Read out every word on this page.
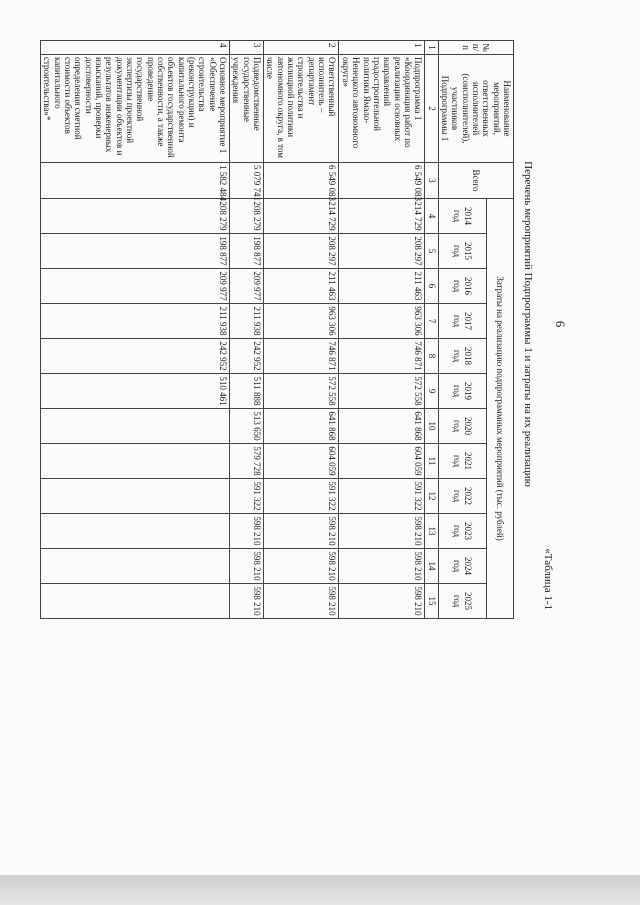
6
«Таблица 1-1
Перечень мероприятий Подпрограммы 1 и затраты на их реализацию
№ п/п	Наименование мероприятий, ответственных исполнителей (соисполнителей), участников Подпрограммы 1	Всего	Затраты на реализацию подпрограммных мероприятий (тыс. рублей)											
			2014 год	2015 год	2016 год	2017 год	2018 год	2019 год	2020 год	2021 год	2022 год	2023 год	2024 год	2025 год
1	2	3	4	5	6	7	8	9	10	11	12	13	14	15
1	Подпрограмма 1 «Координация работ по реализации основных направлений градостроительной политики Ямало-Ненецкого автономного округа»	6 549 083	214 729	208 297	211 463	963 306	746 871	572 558	641 868	604 059	591 322	598 210	598 210	598 210
2	Ответственный исполнитель – департамент строительства и жилищной политики автономного округа, в том числе	6 549 083	214 729	208 297	211 463	963 306	746 871	572 558	641 868	604 059	591 322	598 210	598 210	598 210
3	Подведомственные государственные учреждения	5 079 741	208 279	198 877	209 977	211 938	242 952	511 888	513 650	579 728	591 322	598 210	598 210	598 210
4	Основное мероприятие 1 «Обеспечение строительства (реконструкции) и капитального ремонта объектов государственной собственности, а также проведение государственной экспертизы проектной документации объектов и результатов инженерных изысканий, проверки достоверности определения сметной стоимости объектов капитального строительства»*	1 582 484	208 279	198 877	209 977	211 938	242 952	510 461						
